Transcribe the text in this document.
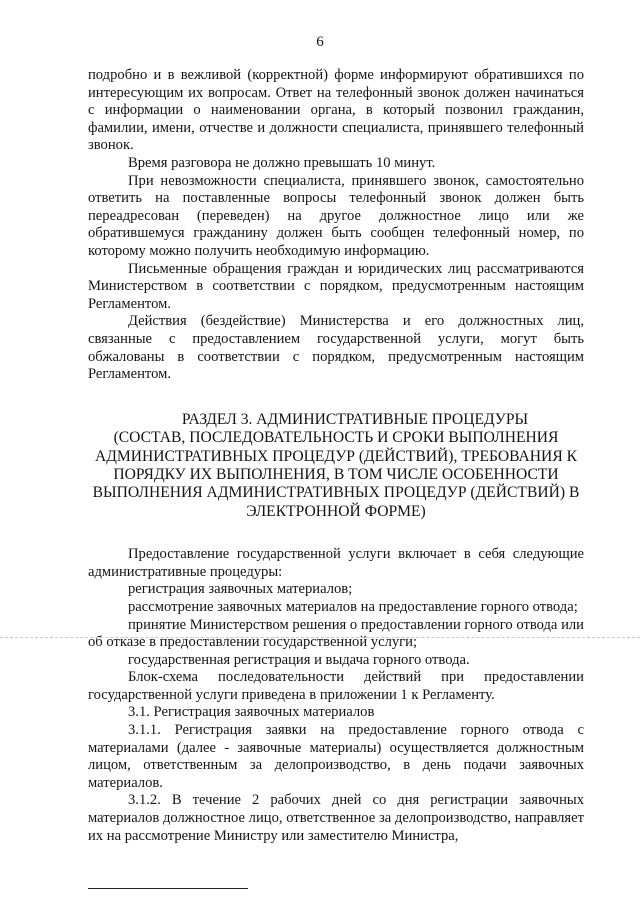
6

подробно и в вежливой (корректной) форме информируют обратившихся по интересующим их вопросам. Ответ на телефонный звонок должен начинаться с информации о наименовании органа, в который позвонил гражданин, фамилии, имени, отчестве и должности специалиста, принявшего телефонный звонок.

Время разговора не должно превышать 10 минут.

При невозможности специалиста, принявшего звонок, самостоятельно ответить на поставленные вопросы телефонный звонок должен быть переадресован (переведен) на другое должностное лицо или же обратившемуся гражданину должен быть сообщен телефонный номер, по которому можно получить необходимую информацию.

Письменные обращения граждан и юридических лиц рассматриваются Министерством в соответствии с порядком, предусмотренным настоящим Регламентом.

Действия (бездействие) Министерства и его должностных лиц, связанные с предоставлением государственной услуги, могут быть обжалованы в соответствии с порядком, предусмотренным настоящим Регламентом.

РАЗДЕЛ 3. АДМИНИСТРАТИВНЫЕ ПРОЦЕДУРЫ
(СОСТАВ, ПОСЛЕДОВАТЕЛЬНОСТЬ И СРОКИ ВЫПОЛНЕНИЯ
АДМИНИСТРАТИВНЫХ ПРОЦЕДУР (ДЕЙСТВИЙ), ТРЕБОВАНИЯ К
ПОРЯДКУ ИХ ВЫПОЛНЕНИЯ, В ТОМ ЧИСЛЕ ОСОБЕННОСТИ
ВЫПОЛНЕНИЯ АДМИНИСТРАТИВНЫХ ПРОЦЕДУР (ДЕЙСТВИЙ) В
ЭЛЕКТРОННОЙ ФОРМЕ)

Предоставление государственной услуги включает в себя следующие административные процедуры:

регистрация заявочных материалов;

рассмотрение заявочных материалов на предоставление горного отвода;

принятие Министерством решения о предоставлении горного отвода или об отказе в предоставлении государственной услуги;

государственная регистрация и выдача горного отвода.

Блок-схема последовательности действий при предоставлении государственной услуги приведена в приложении 1 к Регламенту.

3.1. Регистрация заявочных материалов

3.1.1. Регистрация заявки на предоставление горного отвода с материалами (далее - заявочные материалы) осуществляется должностным лицом, ответственным за делопроизводство, в день подачи заявочных материалов.

3.1.2. В течение 2 рабочих дней со дня регистрации заявочных материалов должностное лицо, ответственное за делопроизводство, направляет их на рассмотрение Министру или заместителю Министра,
